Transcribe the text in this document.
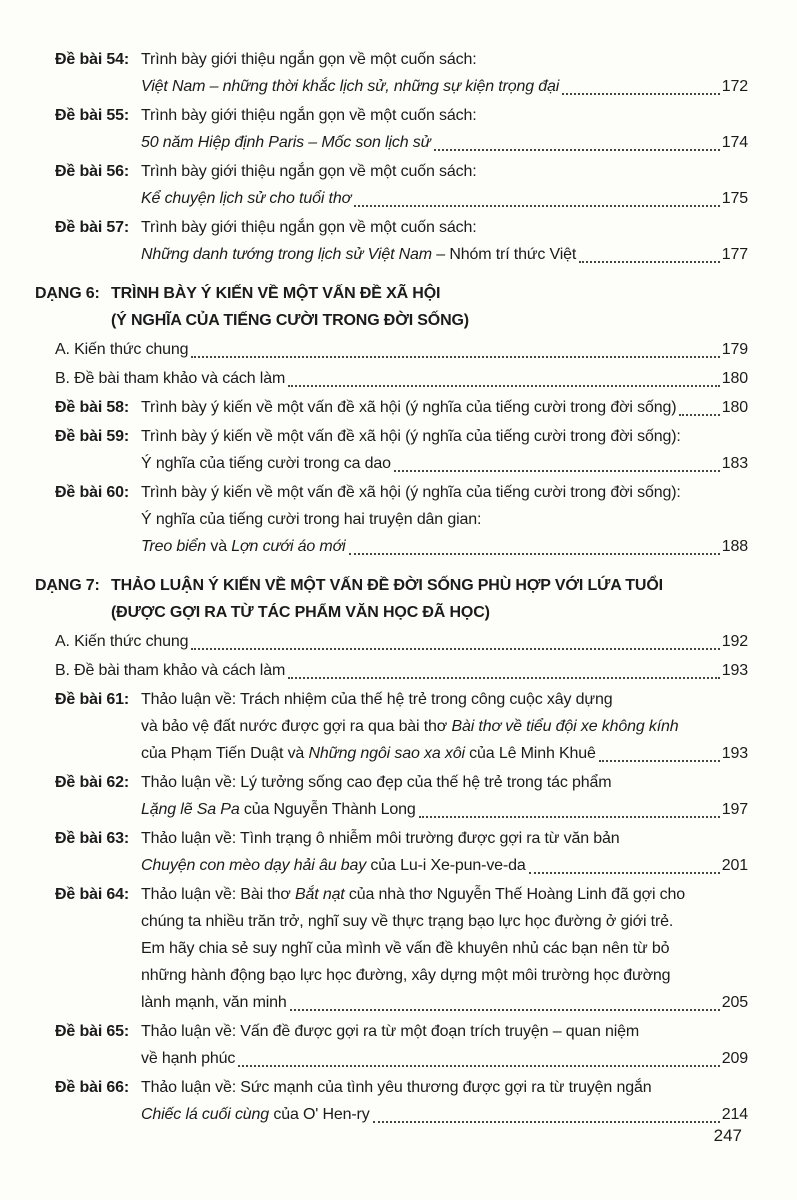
Đề bài 54: Trình bày giới thiệu ngắn gọn về một cuốn sách:
Việt Nam – những thời khắc lịch sử, những sự kiện trọng đại	172
Đề bài 55: Trình bày giới thiệu ngắn gọn về một cuốn sách:
50 năm Hiệp định Paris – Mốc son lịch sử	174
Đề bài 56: Trình bày giới thiệu ngắn gọn về một cuốn sách:
Kể chuyện lịch sử cho tuổi thơ	175
Đề bài 57: Trình bày giới thiệu ngắn gọn về một cuốn sách:
Những danh tướng trong lịch sử Việt Nam – Nhóm trí thức Việt	177
DẠNG 6: TRÌNH BÀY Ý KIẾN VỀ MỘT VẤN ĐỀ XÃ HỘI
(Ý NGHĨA CỦA TIẾNG CƯỜI TRONG ĐỜI SỐNG)
A. Kiến thức chung	179
B. Đề bài tham khảo và cách làm	180
Đề bài 58: Trình bày ý kiến về một vấn đề xã hội (ý nghĩa của tiếng cười trong đời sống)	180
Đề bài 59: Trình bày ý kiến về một vấn đề xã hội (ý nghĩa của tiếng cười trong đời sống):
Ý nghĩa của tiếng cười trong ca dao	183
Đề bài 60: Trình bày ý kiến về một vấn đề xã hội (ý nghĩa của tiếng cười trong đời sống):
Ý nghĩa của tiếng cười trong hai truyện dân gian:
Treo biển và Lợn cưới áo mới	188
DẠNG 7: THẢO LUẬN Ý KIẾN VỀ MỘT VẤN ĐỀ ĐỜI SỐNG PHÙ HỢP VỚI LỨA TUỔI
(ĐƯỢC GỢI RA TỪ TÁC PHẨM VĂN HỌC ĐÃ HỌC)
A. Kiến thức chung	192
B. Đề bài tham khảo và cách làm	193
Đề bài 61: Thảo luận về: Trách nhiệm của thế hệ trẻ trong công cuộc xây dựng
và bảo vệ đất nước được gợi ra qua bài thơ Bài thơ về tiểu đội xe không kính
của Phạm Tiến Duật và Những ngôi sao xa xôi của Lê Minh Khuê	193
Đề bài 62: Thảo luận về: Lý tưởng sống cao đẹp của thế hệ trẻ trong tác phẩm
Lặng lẽ Sa Pa của Nguyễn Thành Long	197
Đề bài 63: Thảo luận về: Tình trạng ô nhiễm môi trường được gợi ra từ văn bản
Chuyện con mèo dạy hải âu bay của Lu-i Xe-pun-ve-da	201
Đề bài 64: Thảo luận về: Bài thơ Bắt nạt của nhà thơ Nguyễn Thế Hoàng Linh đã gợi cho
chúng ta nhiều trăn trở, nghĩ suy về thực trạng bạo lực học đường ở giới trẻ.
Em hãy chia sẻ suy nghĩ của mình về vấn đề khuyên nhủ các bạn nên từ bỏ
những hành động bạo lực học đường, xây dựng một môi trường học đường
lành mạnh, văn minh	205
Đề bài 65: Thảo luận về: Vấn đề được gợi ra từ một đoạn trích truyện – quan niệm
về hạnh phúc	209
Đề bài 66: Thảo luận về: Sức mạnh của tình yêu thương được gợi ra từ truyện ngắn
Chiếc lá cuối cùng của O' Hen-ry	214
247
